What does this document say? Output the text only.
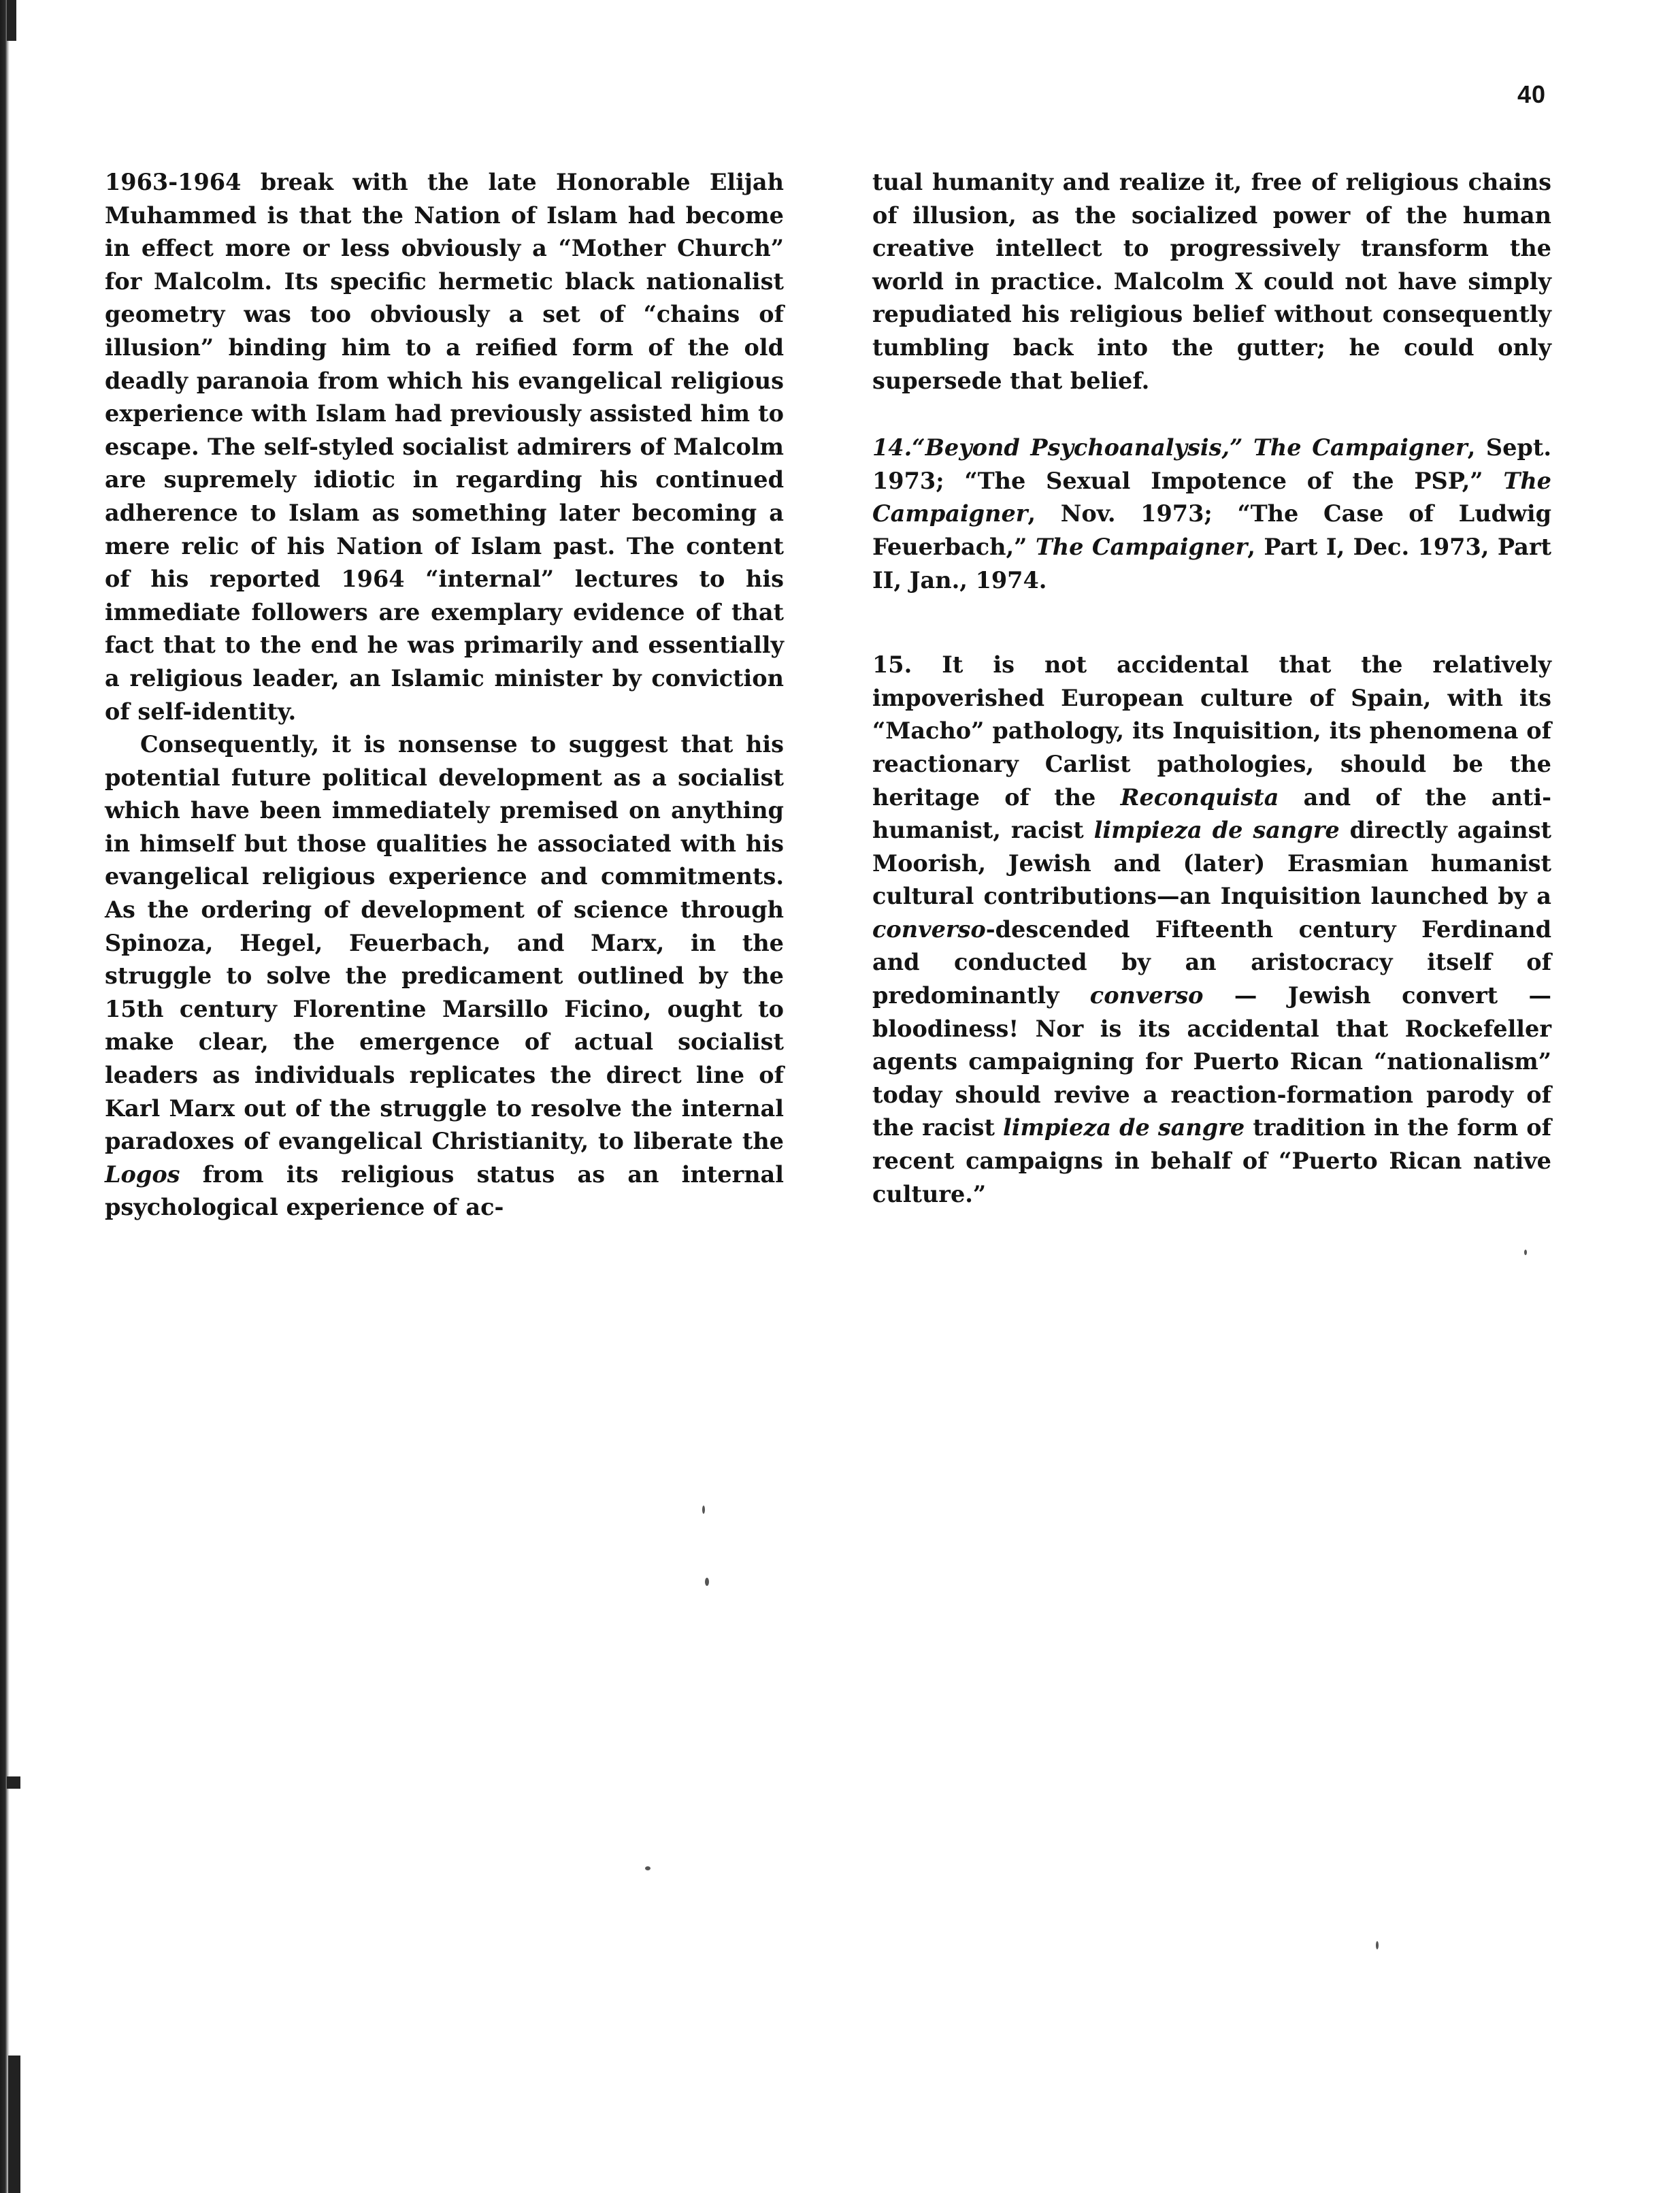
40

1963-1964 break with the late Honorable Elijah Muhammed is that the Nation of Islam had become in effect more or less obviously a “Mother Church” for Malcolm. Its specific hermetic black nationalist geometry was too obviously a set of “chains of illusion” binding him to a reified form of the old deadly paranoia from which his evangelical religious experience with Islam had previously assisted him to escape. The self-styled socialist admirers of Malcolm are supremely idiotic in regarding his continued adherence to Islam as something later becoming a mere relic of his Nation of Islam past. The content of his reported 1964 “internal” lectures to his immediate followers are exemplary evidence of that fact that to the end he was primarily and essentially a religious leader, an Islamic minister by conviction of self-identity.

Consequently, it is nonsense to suggest that his potential future political development as a socialist which have been immediately premised on anything in himself but those qualities he associated with his evangelical religious experience and commitments. As the ordering of development of science through Spinoza, Hegel, Feuerbach, and Marx, in the struggle to solve the predicament outlined by the 15th century Florentine Marsillo Ficino, ought to make clear, the emergence of actual socialist leaders as individuals replicates the direct line of Karl Marx out of the struggle to resolve the internal paradoxes of evangelical Christianity, to liberate the Logos from its religious status as an internal psychological experience of ac-

tual humanity and realize it, free of religious chains of illusion, as the socialized power of the human creative intellect to progressively transform the world in practice. Malcolm X could not have simply repudiated his religious belief without consequently tumbling back into the gutter; he could only supersede that belief.

14.“Beyond Psychoanalysis,” The Campaigner, Sept. 1973; “The Sexual Impotence of the PSP,” The Campaigner, Nov. 1973; “The Case of Ludwig Feuerbach,” The Campaigner, Part I, Dec. 1973, Part II, Jan., 1974.

15. It is not accidental that the relatively impoverished European culture of Spain, with its “Macho” pathology, its Inquisition, its phenomena of reactionary Carlist pathologies, should be the heritage of the Reconquista and of the anti-humanist, racist limpieza de sangre directly against Moorish, Jewish and (later) Erasmian humanist cultural contributions—an Inquisition launched by a converso-descended Fifteenth century Ferdinand and conducted by an aristocracy itself of predominantly converso — Jewish convert — bloodiness! Nor is its accidental that Rockefeller agents campaigning for Puerto Rican “nationalism” today should revive a reaction-formation parody of the racist limpieza de sangre tradition in the form of recent campaigns in behalf of “Puerto Rican native culture.”
